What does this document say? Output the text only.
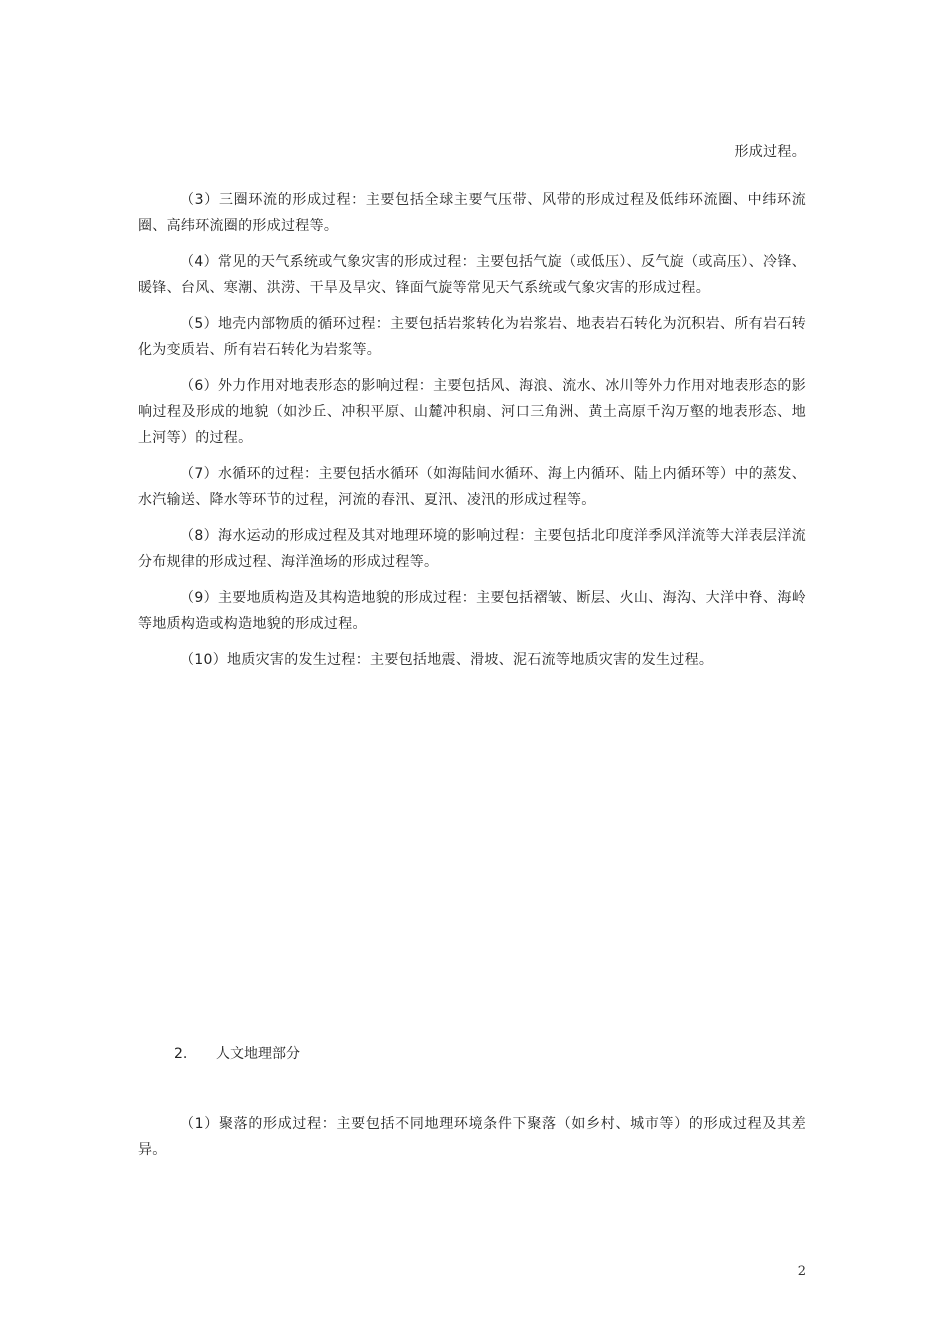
形成过程。

（3）三圈环流的形成过程：主要包括全球主要气压带、风带的形成过程及低纬环流圈、中纬环流圈、高纬环流圈的形成过程等。

（4）常见的天气系统或气象灾害的形成过程：主要包括气旋（或低压）、反气旋（或高压）、冷锋、暖锋、台风、寒潮、洪涝、干旱及旱灾、锋面气旋等常见天气系统或气象灾害的形成过程。

（5）地壳内部物质的循环过程：主要包括岩浆转化为岩浆岩、地表岩石转化为沉积岩、所有岩石转化为变质岩、所有岩石转化为岩浆等。

（6）外力作用对地表形态的影响过程：主要包括风、海浪、流水、冰川等外力作用对地表形态的影响过程及形成的地貌（如沙丘、冲积平原、山麓冲积扇、河口三角洲、黄土高原千沟万壑的地表形态、地上河等）的过程。

（7）水循环的过程：主要包括水循环（如海陆间水循环、海上内循环、陆上内循环等）中的蒸发、水汽输送、降水等环节的过程，河流的春汛、夏汛、凌汛的形成过程等。

（8）海水运动的形成过程及其对地理环境的影响过程：主要包括北印度洋季风洋流等大洋表层洋流分布规律的形成过程、海洋渔场的形成过程等。

（9）主要地质构造及其构造地貌的形成过程：主要包括褶皱、断层、火山、海沟、大洋中脊、海岭等地质构造或构造地貌的形成过程。

（10）地质灾害的发生过程：主要包括地震、滑坡、泥石流等地质灾害的发生过程。

2. 人文地理部分

（1）聚落的形成过程：主要包括不同地理环境条件下聚落（如乡村、城市等）的形成过程及其差异。

2
